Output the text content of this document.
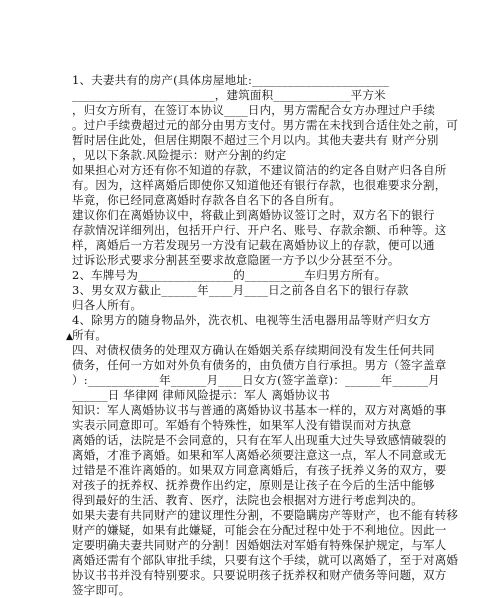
▲
1、夫妻共有的房产(具体房屋地址:_______________________
________________________，建筑面积_____________平方米
，归女方所有，在签订本协议____日内，男方需配合女方办理过户手续
。过户手续费超过元的部分由男方支付。男方需在未找到合适住处之前，可
暂时居住此处，但居住期限不超过三个月以内。其他夫妻共有 财产分别
，见以下条款.风险提示：财产分割的约定
如果担心对方还有你不知道的存款，不建议简洁的约定各自财产归各自所
有。因为，这样离婚后即使你又知道他还有银行存款，也很难要求分割，
毕竟，你已经同意离婚时存款各自名下的各自所有。
建议你们在离婚协议中，将截止到离婚协议签订之时，双方名下的银行
存款情况详细列出，包括开户行、开户名、账号、存款余额、币种等。这
样，离婚后一方若发现另一方没有记载在离婚协议上的存款，便可以通
过诉讼形式要求分割甚至要求故意隐匿一方予以少分甚至不分。
2、车牌号为________________的__________车归男方所有。
3、男女双方截止______年____月____日之前各自名下的银行存款
归各人所有。
4、除男方的随身物品外，洗衣机、电视等生活电器用品等财产归女方
所有。
四、对债权债务的处理双方确认在婚姻关系存续期间没有发生任何共同
债务，任何一方如对外负有债务的，由负债方自行承担。男方（签字盖章
）:____________年______月____日女方(签字盖章)：______年______月
______日 华律网 律师风险提示：军人 离婚协议书
知识：军人离婚协议书与普通的离婚协议书基本一样的，双方对离婚的事
实表示同意即可。军婚有个特殊性，如果军人没有错误而对方执意
离婚的话，法院是不会同意的，只有在军人出现重大过失导致感情破裂的
离婚，才准予离婚。如果和军人离婚必须要注意这一点，军人不同意或无
过错是不准许离婚的。如果双方同意离婚后，有孩子抚养义务的双方，要
对孩子的抚养权、抚养费作出约定，原则是让孩子在今后的生活中能够
得到最好的生活、教育、医疗，法院也会根据对方进行考虑判决的。
如果夫妻有共同财产的建议理性分割，不要隐瞒房产等财产，也不能有转移
财产的嫌疑，如果有此嫌疑，可能会在分配过程中处于不利地位。因此一
定要明确夫妻共同财产的分割！因婚姻法对军婚有特殊保护规定，与军人
离婚还需有个部队审批手续，只要有这个手续，就可以离婚了，至于对离婚
协议书书并没有特别要求。只要说明孩子抚养权和财产债务等问题，双方
签字即可。
